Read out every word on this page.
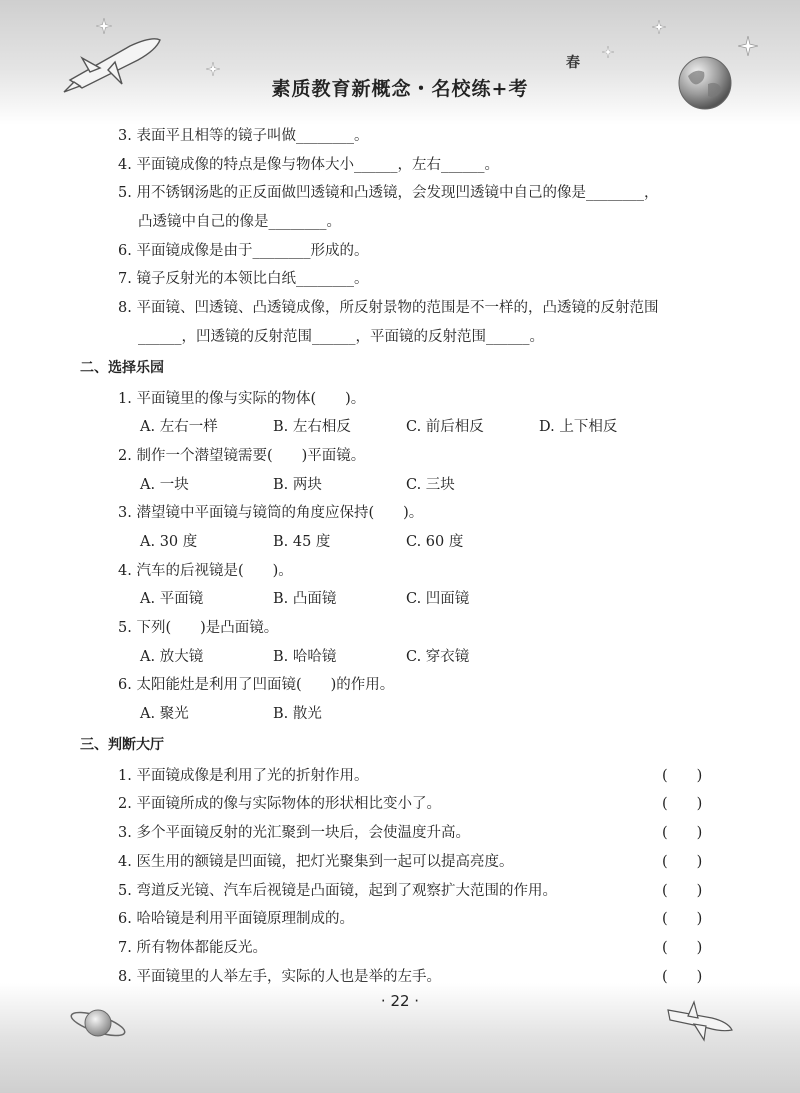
春
素质教育新概念・名校练+考
3. 表面平且相等的镜子叫做________。
4. 平面镜成像的特点是像与物体大小______，左右______。
5. 用不锈钢汤匙的正反面做凹透镜和凸透镜，会发现凹透镜中自己的像是________，
凸透镜中自己的像是________。
6. 平面镜成像是由于________形成的。
7. 镜子反射光的本领比白纸________。
8. 平面镜、凹透镜、凸透镜成像，所反射景物的范围是不一样的，凸透镜的反射范围
______，凹透镜的反射范围______，平面镜的反射范围______。
二、选择乐园
1. 平面镜里的像与实际的物体(　　)。
A. 左右一样	B. 左右相反	C. 前后相反	D. 上下相反
2. 制作一个潜望镜需要(　　)平面镜。
A. 一块	B. 两块	C. 三块
3. 潜望镜中平面镜与镜筒的角度应保持(　　)。
A. 30 度	B. 45 度	C. 60 度
4. 汽车的后视镜是(　　)。
A. 平面镜	B. 凸面镜	C. 凹面镜
5. 下列(　　)是凸面镜。
A. 放大镜	B. 哈哈镜	C. 穿衣镜
6. 太阳能灶是利用了凹面镜(　　)的作用。
A. 聚光	B. 散光
三、判断大厅
1. 平面镜成像是利用了光的折射作用。	(　　)
2. 平面镜所成的像与实际物体的形状相比变小了。	(　　)
3. 多个平面镜反射的光汇聚到一块后，会使温度升高。	(　　)
4. 医生用的额镜是凹面镜，把灯光聚集到一起可以提高亮度。	(　　)
5. 弯道反光镜、汽车后视镜是凸面镜，起到了观察扩大范围的作用。	(　　)
6. 哈哈镜是利用平面镜原理制成的。	(　　)
7. 所有物体都能反光。	(　　)
8. 平面镜里的人举左手，实际的人也是举的左手。	(　　)
· 22 ·
